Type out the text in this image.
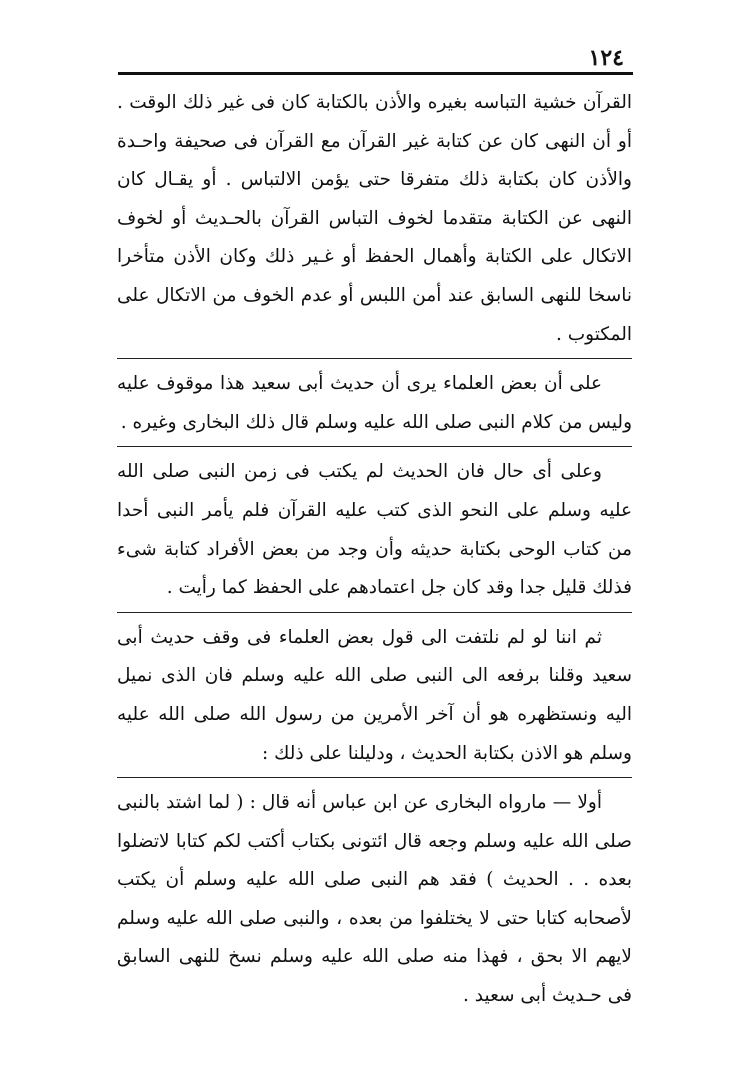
١٢٤

القرآن خشية التباسه بغيره والأذن بالكتابة كان فى غير ذلك الوقت . أو أن النهى كان عن كتابة غير القرآن مع القرآن فى صحيفة واحـدة والأذن كان بكتابة ذلك متفرقا حتى يؤمن الالتباس . أو يقـال كان النهى عن الكتابة متقدما لخوف التباس القرآن بالحـديث أو لخوف الاتكال على الكتابة وأهمال الحفظ أو غـير ذلك وكان الأذن متأخرا ناسخا للنهى السابق عند أمن اللبس أو عدم الخوف من الاتكال على المكتوب .

على أن بعض العلماء يرى أن حديث أبى سعيد هذا موقوف عليه وليس من كلام النبى صلى الله عليه وسلم قال ذلك البخارى وغيره .

وعلى أى حال فان الحديث لم يكتب فى زمن النبى صلى الله عليه وسلم على النحو الذى كتب عليه القرآن فلم يأمر النبى أحدا من كتاب الوحى بكتابة حديثه وأن وجد من بعض الأفراد كتابة شىء فذلك قليل جدا وقد كان جل اعتمادهم على الحفظ كما رأيت .

ثم اننا لو لم نلتفت الى قول بعض العلماء فى وقف حديث أبى سعيد وقلنا برفعه الى النبى صلى الله عليه وسلم فان الذى نميل اليه ونستظهره هو أن آخر الأمرين من رسول الله صلى الله عليه وسلم هو الاذن بكتابة الحديث ، ودليلنا على ذلك :

أولا — مارواه البخارى عن ابن عباس أنه قال : ( لما اشتد بالنبى صلى الله عليه وسلم وجعه قال ائتونى بكتاب أكتب لكم كتابا لاتضلوا بعده . . الحديث ) فقد هم النبى صلى الله عليه وسلم أن يكتب لأصحابه كتابا حتى لا يختلفوا من بعده ، والنبى صلى الله عليه وسلم لايهم الا بحق ، فهذا منه صلى الله عليه وسلم نسخ للنهى السابق فى حـديث أبى سعيد .
